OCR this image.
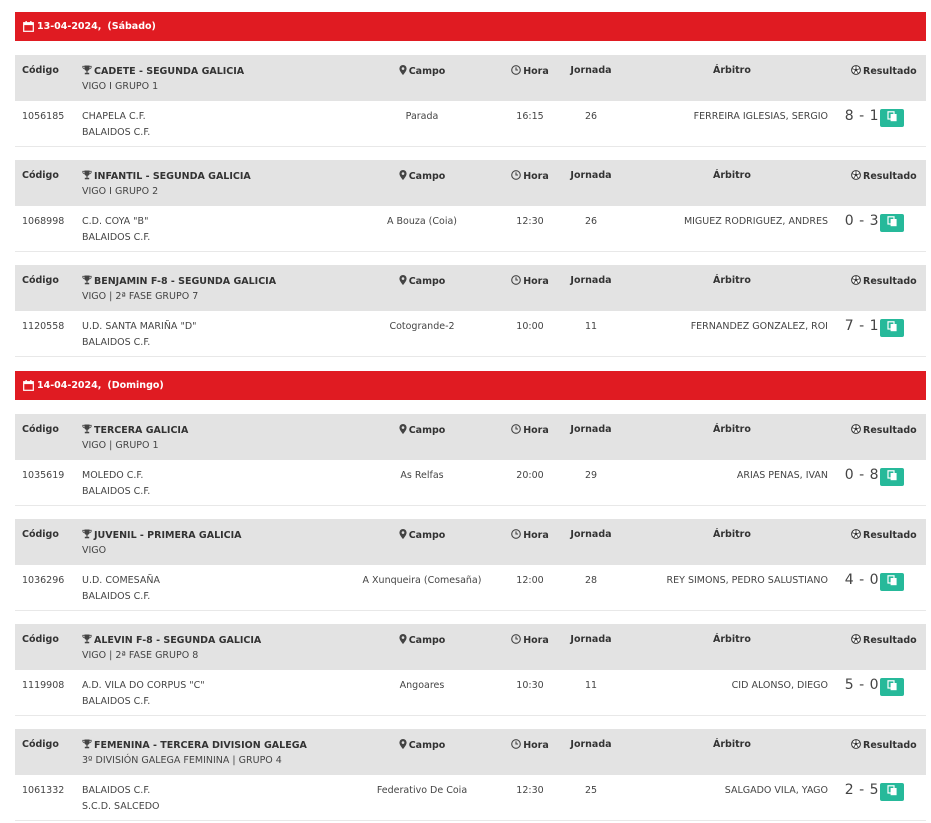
13-04-2024, (Sábado)
Código	CADETE - SEGUNDA GALICIA
VIGO I GRUPO 1
Campo	Hora Jornada	Árbitro	Resultado
1056185 CHAPELA C.F.
BALAIDOS C.F.
Parada	16:15	26	FERREIRA IGLESIAS, SERGIO 8 - 1
Código	INFANTIL - SEGUNDA GALICIA
VIGO I GRUPO 2
Campo	Hora Jornada	Árbitro	Resultado
1068998 C.D. COYA "B"
BALAIDOS C.F.
A Bouza (Coia)	12:30	26	MIGUEZ RODRIGUEZ, ANDRES 0 - 3
Código	BENJAMIN F-8 - SEGUNDA GALICIA
VIGO | 2ª FASE GRUPO 7
Campo	Hora Jornada	Árbitro	Resultado
1120558 U.D. SANTA MARIÑA "D"
BALAIDOS C.F.
Cotogrande-2	10:00	11	FERNANDEZ GONZALEZ, ROI 7 - 1
14-04-2024, (Domingo)
Código	TERCERA GALICIA
VIGO | GRUPO 1
Campo	Hora Jornada	Árbitro	Resultado
1035619 MOLEDO C.F.
BALAIDOS C.F.
As Relfas	20:00	29	ARIAS PENAS, IVAN 0 - 8
Código	JUVENIL - PRIMERA GALICIA
VIGO
Campo	Hora Jornada	Árbitro	Resultado
1036296 U.D. COMESAÑA
BALAIDOS C.F.
A Xunqueira (Comesaña)	12:00	28	REY SIMONS, PEDRO SALUSTIANO 4 - 0
Código	ALEVIN F-8 - SEGUNDA GALICIA
VIGO | 2ª FASE GRUPO 8
Campo	Hora Jornada	Árbitro	Resultado
1119908 A.D. VILA DO CORPUS "C"
BALAIDOS C.F.
Angoares	10:30	11	CID ALONSO, DIEGO 5 - 0
Código	FEMENINA - TERCERA DIVISION GALEGA
3º DIVISIÓN GALEGA FEMININA | GRUPO 4
Campo	Hora Jornada	Árbitro	Resultado
1061332 BALAIDOS C.F.
S.C.D. SALCEDO
Federativo De Coia	12:30	25	SALGADO VILA, YAGO 2 - 5
